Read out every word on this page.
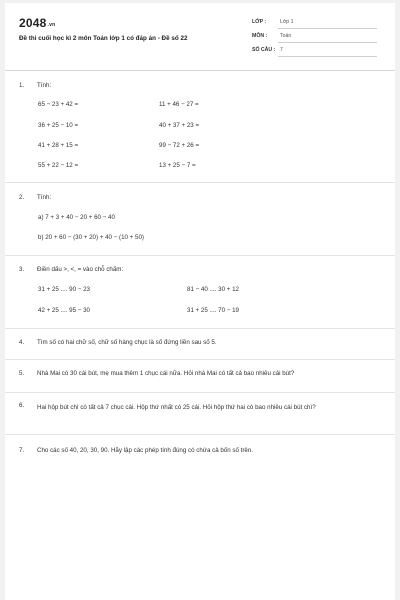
2048.vn
Đề thi cuối học kì 2 môn Toán lớp 1 có đáp án - Đề số 22
LỚP :	Lớp 1
MÔN : Toán
SỐ CÂU : 7
1. Tính:
65 − 23 + 42 =	11 + 46 − 27 =
36 + 25 − 10 =	40 + 37 + 23 =
41 + 28 + 15 =	99 − 72 + 26 =
55 + 22 − 12 =	13 + 25 − 7 =
2. Tính:
a) 7 + 3 + 40 − 20 + 60 − 40
b) 20 + 60 − (30 + 20) + 40 − (10 + 50)
3. Điền dấu >, <, = vào chỗ chấm:
31 + 25 .... 90 − 23	81 − 40 .... 30 + 12
42 + 25 .... 95 − 30	31 + 25 .... 70 − 19
4. Tìm số có hai chữ số, chữ số hàng chục là số đứng liền sau số 5.
5. Nhà Mai có 30 cái bút, mẹ mua thêm 1 chục cái nữa. Hỏi nhà Mai có tất cả bao nhiêu cái bút?
6. Hai hộp bút chì có tất cả 7 chục cái. Hộp thứ nhất có 25 cái. Hỏi hộp thứ hai có bao nhiêu cái bút chì?
7. Cho các số 40, 20, 30, 90. Hãy lập các phép tính đúng có chứa cả bốn số trên.
